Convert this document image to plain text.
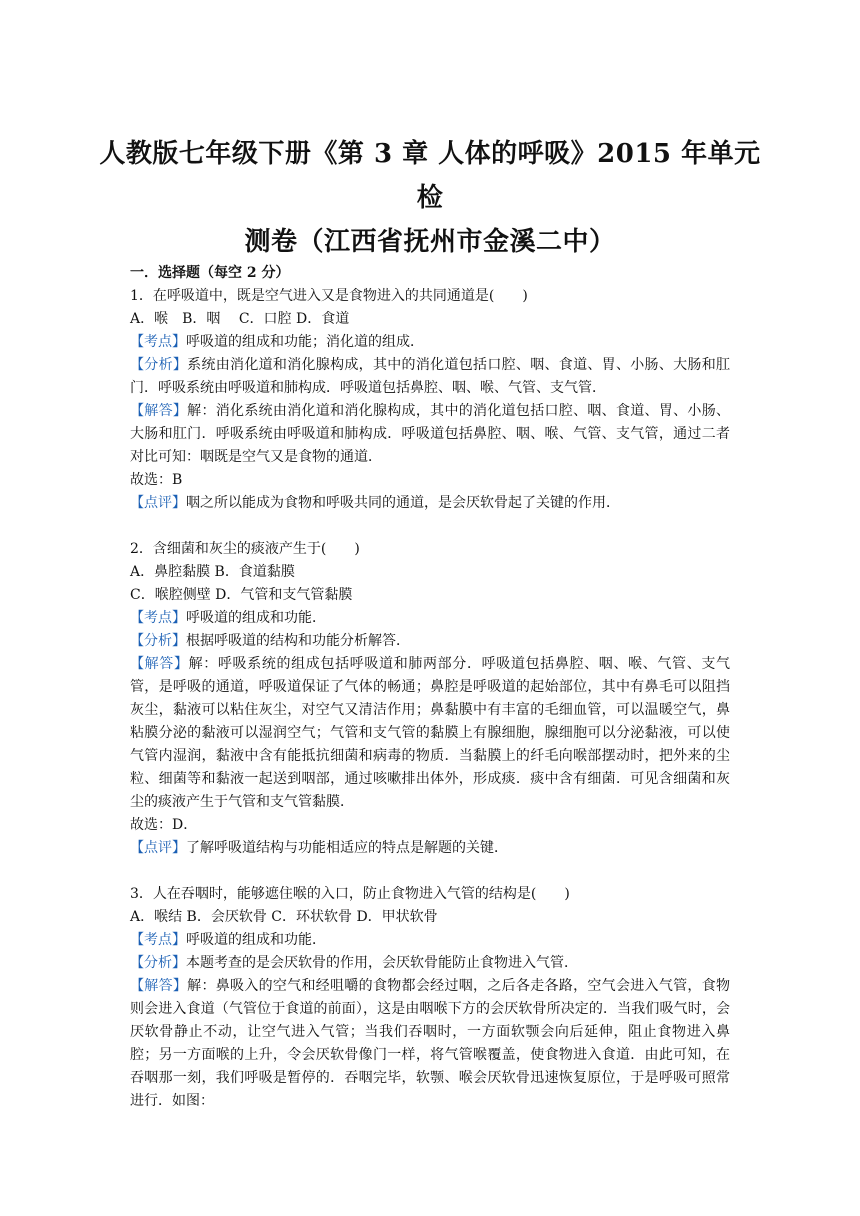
人教版七年级下册《第 3 章 人体的呼吸》2015 年单元检
测卷（江西省抚州市金溪二中）

一．选择题（每空 2 分）

1．在呼吸道中，既是空气进入又是食物进入的共同通道是(　　)

A．喉　B．咽　 C．口腔 D．食道

【考点】呼吸道的组成和功能；消化道的组成．

【分析】系统由消化道和消化腺构成，其中的消化道包括口腔、咽、食道、胃、小肠、大肠和肛门．呼吸系统由呼吸道和肺构成．呼吸道包括鼻腔、咽、喉、气管、支气管．

【解答】解：消化系统由消化道和消化腺构成，其中的消化道包括口腔、咽、食道、胃、小肠、大肠和肛门．呼吸系统由呼吸道和肺构成．呼吸道包括鼻腔、咽、喉、气管、支气管，通过二者对比可知：咽既是空气又是食物的通道．

故选：B

【点评】咽之所以能成为食物和呼吸共同的通道，是会厌软骨起了关键的作用．

2．含细菌和灰尘的痰液产生于(　　)

A．鼻腔黏膜 B．食道黏膜

C．喉腔侧壁 D．气管和支气管黏膜

【考点】呼吸道的组成和功能．

【分析】根据呼吸道的结构和功能分析解答．

【解答】解：呼吸系统的组成包括呼吸道和肺两部分．呼吸道包括鼻腔、咽、喉、气管、支气管，是呼吸的通道，呼吸道保证了气体的畅通；鼻腔是呼吸道的起始部位，其中有鼻毛可以阻挡灰尘，黏液可以粘住灰尘，对空气又清洁作用；鼻黏膜中有丰富的毛细血管，可以温暖空气，鼻粘膜分泌的黏液可以湿润空气；气管和支气管的黏膜上有腺细胞，腺细胞可以分泌黏液，可以使气管内湿润，黏液中含有能抵抗细菌和病毒的物质．当黏膜上的纤毛向喉部摆动时，把外来的尘粒、细菌等和黏液一起送到咽部，通过咳嗽排出体外，形成痰．痰中含有细菌．可见含细菌和灰尘的痰液产生于气管和支气管黏膜．

故选：D．

【点评】了解呼吸道结构与功能相适应的特点是解题的关键．

3．人在吞咽时，能够遮住喉的入口，防止食物进入气管的结构是(　　)

A．喉结 B．会厌软骨 C．环状软骨 D．甲状软骨

【考点】呼吸道的组成和功能．

【分析】本题考查的是会厌软骨的作用，会厌软骨能防止食物进入气管．

【解答】解：鼻吸入的空气和经咀嚼的食物都会经过咽，之后各走各路，空气会进入气管，食物则会进入食道（气管位于食道的前面），这是由咽喉下方的会厌软骨所决定的．当我们吸气时，会厌软骨静止不动，让空气进入气管；当我们吞咽时，一方面软颚会向后延伸，阻止食物进入鼻腔；另一方面喉的上升，令会厌软骨像门一样，将气管喉覆盖，使食物进入食道．由此可知，在吞咽那一刻，我们呼吸是暂停的．吞咽完毕，软颚、喉会厌软骨迅速恢复原位，于是呼吸可照常进行．如图：
